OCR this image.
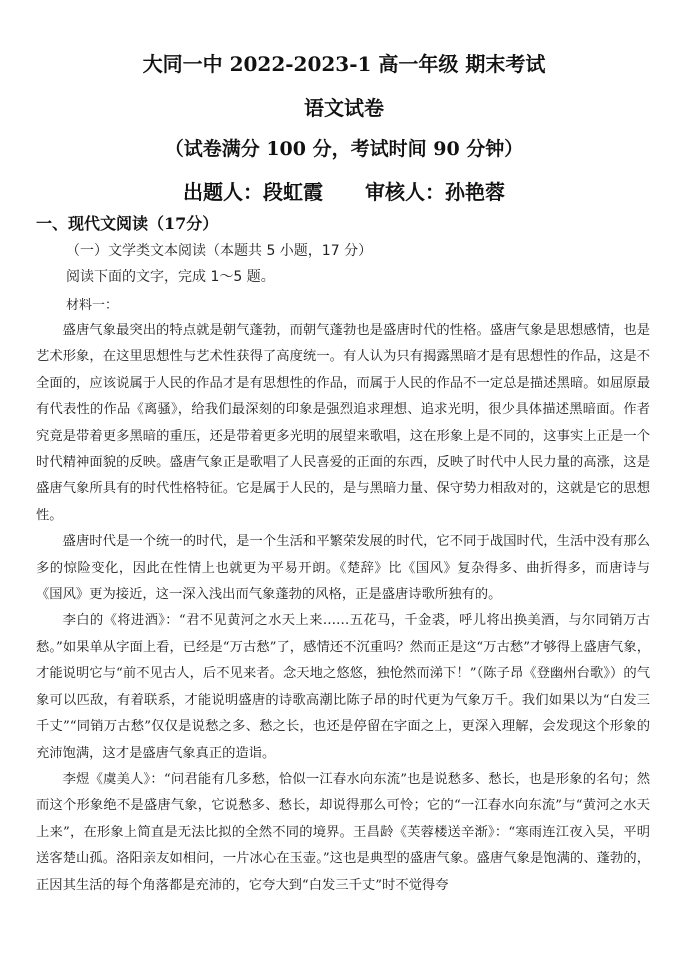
大同一中 2022-2023-1 高一年级 期末考试
语文试卷
（试卷满分 100 分，考试时间 90 分钟）
出题人：段虹霞 审核人：孙艳蓉
一、现代文阅读（17分）
（一）文学类文本阅读（本题共 5 小题，17 分）
阅读下面的文字，完成 1～5 题。
材料一：

盛唐气象最突出的特点就是朝气蓬勃，而朝气蓬勃也是盛唐时代的性格。盛唐气象是思想感情，也是艺术形象，在这里思想性与艺术性获得了高度统一。有人认为只有揭露黑暗才是有思想性的作品，这是不全面的，应该说属于人民的作品才是有思想性的作品，而属于人民的作品不一定总是描述黑暗。如屈原最有代表性的作品《离骚》，给我们最深刻的印象是强烈追求理想、追求光明，很少具体描述黑暗面。作者究竟是带着更多黑暗的重压，还是带着更多光明的展望来歌唱，这在形象上是不同的，这事实上正是一个时代精神面貌的反映。盛唐气象正是歌唱了人民喜爱的正面的东西，反映了时代中人民力量的高涨，这是盛唐气象所具有的时代性格特征。它是属于人民的，是与黑暗力量、保守势力相敌对的，这就是它的思想性。

盛唐时代是一个统一的时代，是一个生活和平繁荣发展的时代，它不同于战国时代，生活中没有那么多的惊险变化，因此在性情上也就更为平易开朗。《楚辞》比《国风》复杂得多、曲折得多，而唐诗与《国风》更为接近，这一深入浅出而气象蓬勃的风格，正是盛唐诗歌所独有的。

李白的《将进酒》：“君不见黄河之水天上来……五花马，千金裘，呼儿将出换美酒，与尔同销万古愁。”如果单从字面上看，已经是“万古愁”了，感情还不沉重吗？然而正是这“万古愁”才够得上盛唐气象，才能说明它与“前不见古人，后不见来者。念天地之悠悠，独怆然而涕下！”（陈子昂《登幽州台歌》）的气象可以匹敌，有着联系，才能说明盛唐的诗歌高潮比陈子昂的时代更为气象万千。我们如果以为“白发三千丈”“同销万古愁”仅仅是说愁之多、愁之长，也还是停留在字面之上，更深入理解，会发现这个形象的充沛饱满，这才是盛唐气象真正的造诣。

李煜《虞美人》：“问君能有几多愁，恰似一江春水向东流”也是说愁多、愁长，也是形象的名句；然而这个形象绝不是盛唐气象，它说愁多、愁长，却说得那么可怜；它的“一江春水向东流”与“黄河之水天上来”，在形象上简直是无法比拟的全然不同的境界。王昌龄《芙蓉楼送辛渐》：“寒雨连江夜入吴，平明送客楚山孤。洛阳亲友如相问，一片冰心在玉壶。”这也是典型的盛唐气象。盛唐气象是饱满的、蓬勃的，正因其生活的每个角落都是充沛的，它夸大到“白发三千丈”时不觉得夸
